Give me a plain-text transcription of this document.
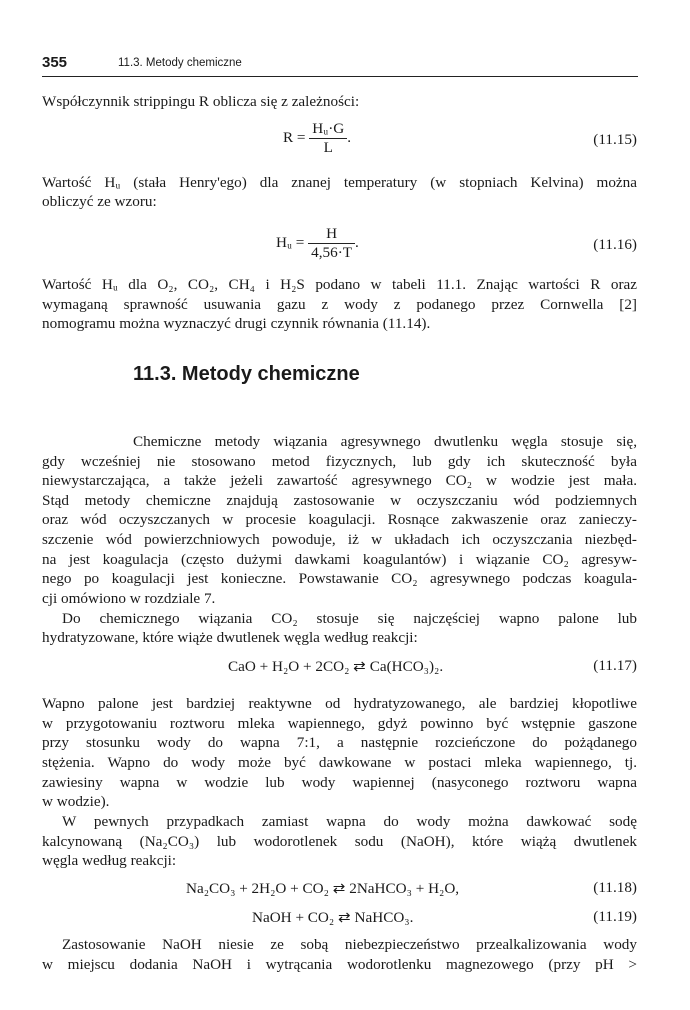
355	11.3. Metody chemiczne
Współczynnik strippingu R oblicza się z zależności:
$R = \frac{\text{Hᵤ·G}}{L}$ .	(11.15)
Wartość Hᵤ (stała Henry'ego) dla znanej temperatury (w stopniach Kelvina) można
obliczyć ze wzoru:
Hᵤ = $\frac{H}{4,56\cdot T}$ .	(11.16)
Wartość Hᵤ dla O₂, CO₂, CH₄ i H₂S podano w tabeli 11.1. Znając wartości R oraz
wymaganą sprawność usuwania gazu z wody z podanego przez Cornwella [2]
nomogramu można wyznaczyć drugi czynnik równania (11.14).
11.3. Metody chemiczne
Chemiczne metody wiązania agresywnego dwutlenku węgla stosuje się,
gdy wcześniej nie stosowano metod fizycznych, lub gdy ich skuteczność była
niewystarczająca, a także jeżeli zawartość agresywnego CO₂ w wodzie jest mała.
Stąd metody chemiczne znajdują zastosowanie w oczyszczaniu wód podziemnych
oraz wód oczyszczanych w procesie koagulacji. Rosnące zakwaszenie oraz zanieczy-
szczenie wód powierzchniowych powoduje, iż w układach ich oczyszczania niezbęd-
na jest koagulacja (często dużymi dawkami koagulantów) i wiązanie CO₂ agresyw-
nego po koagulacji jest konieczne. Powstawanie CO₂ agresywnego podczas koagula-
cji omówiono w rozdziale 7.
Do chemicznego wiązania CO₂ stosuje się najczęściej wapno palone lub
hydratyzowane, które wiąże dwutlenek węgla według reakcji:
CaO + H₂O + 2CO₂ ⇄ Ca(HCO₃)₂.	(11.17)
Wapno palone jest bardziej reaktywne od hydratyzowanego, ale bardziej kłopotliwe
w przygotowaniu roztworu mleka wapiennego, gdyż powinno być wstępnie gaszone
przy stosunku wody do wapna 7:1, a następnie rozcieńczone do pożądanego
stężenia. Wapno do wody może być dawkowane w postaci mleka wapiennego, tj.
zawiesiny wapna w wodzie lub wody wapiennej (nasyconego roztworu wapna
w wodzie).
W pewnych przypadkach zamiast wapna do wody można dawkować sodę
kalcynowaną (Na₂CO₃) lub wodorotlenek sodu (NaOH), które wiążą dwutlenek
węgla według reakcji:
Na₂CO₃ + 2H₂O + CO₂ ⇄ 2NaHCO₃ + H₂O,	(11.18)
NaOH + CO₂ ⇄ NaHCO₃.	(11.19)
Zastosowanie NaOH niesie ze sobą niebezpieczeństwo przealkalizowania wody
w miejscu dodania NaOH i wytrącania wodorotlenku magnezowego (przy pH >
